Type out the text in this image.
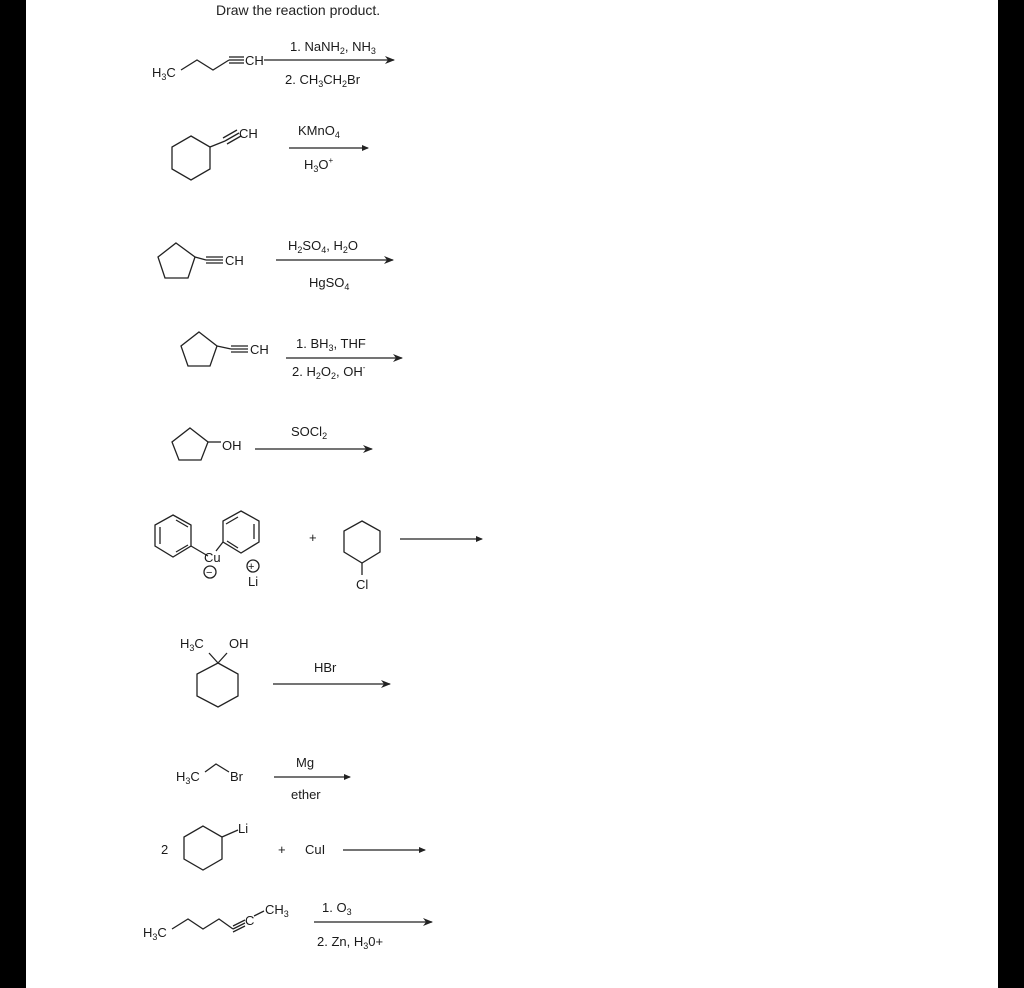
Draw the reaction product.
$H_3C$
CH
1. NaNH$_2$, $NH_3$
2. $CH_3CH_2Br$
CH	KMnO$_4$
$H_3O^+$
CH
$H_2SO_4$, $H_2O$
HgSO$_4$
CH 1. $BH_3$, THF
2. $H_2O_2$, OH-
OH
SOCl$_2$
Cu
−	+
Li
+
Cl
$H_3C$ OH
HBr
$H_3C$ Br
Mg
ether
2
Li
+ CuI
$H_3C$
C
$CH_3$	1. $O_3$
2. Zn, $H_30+$
